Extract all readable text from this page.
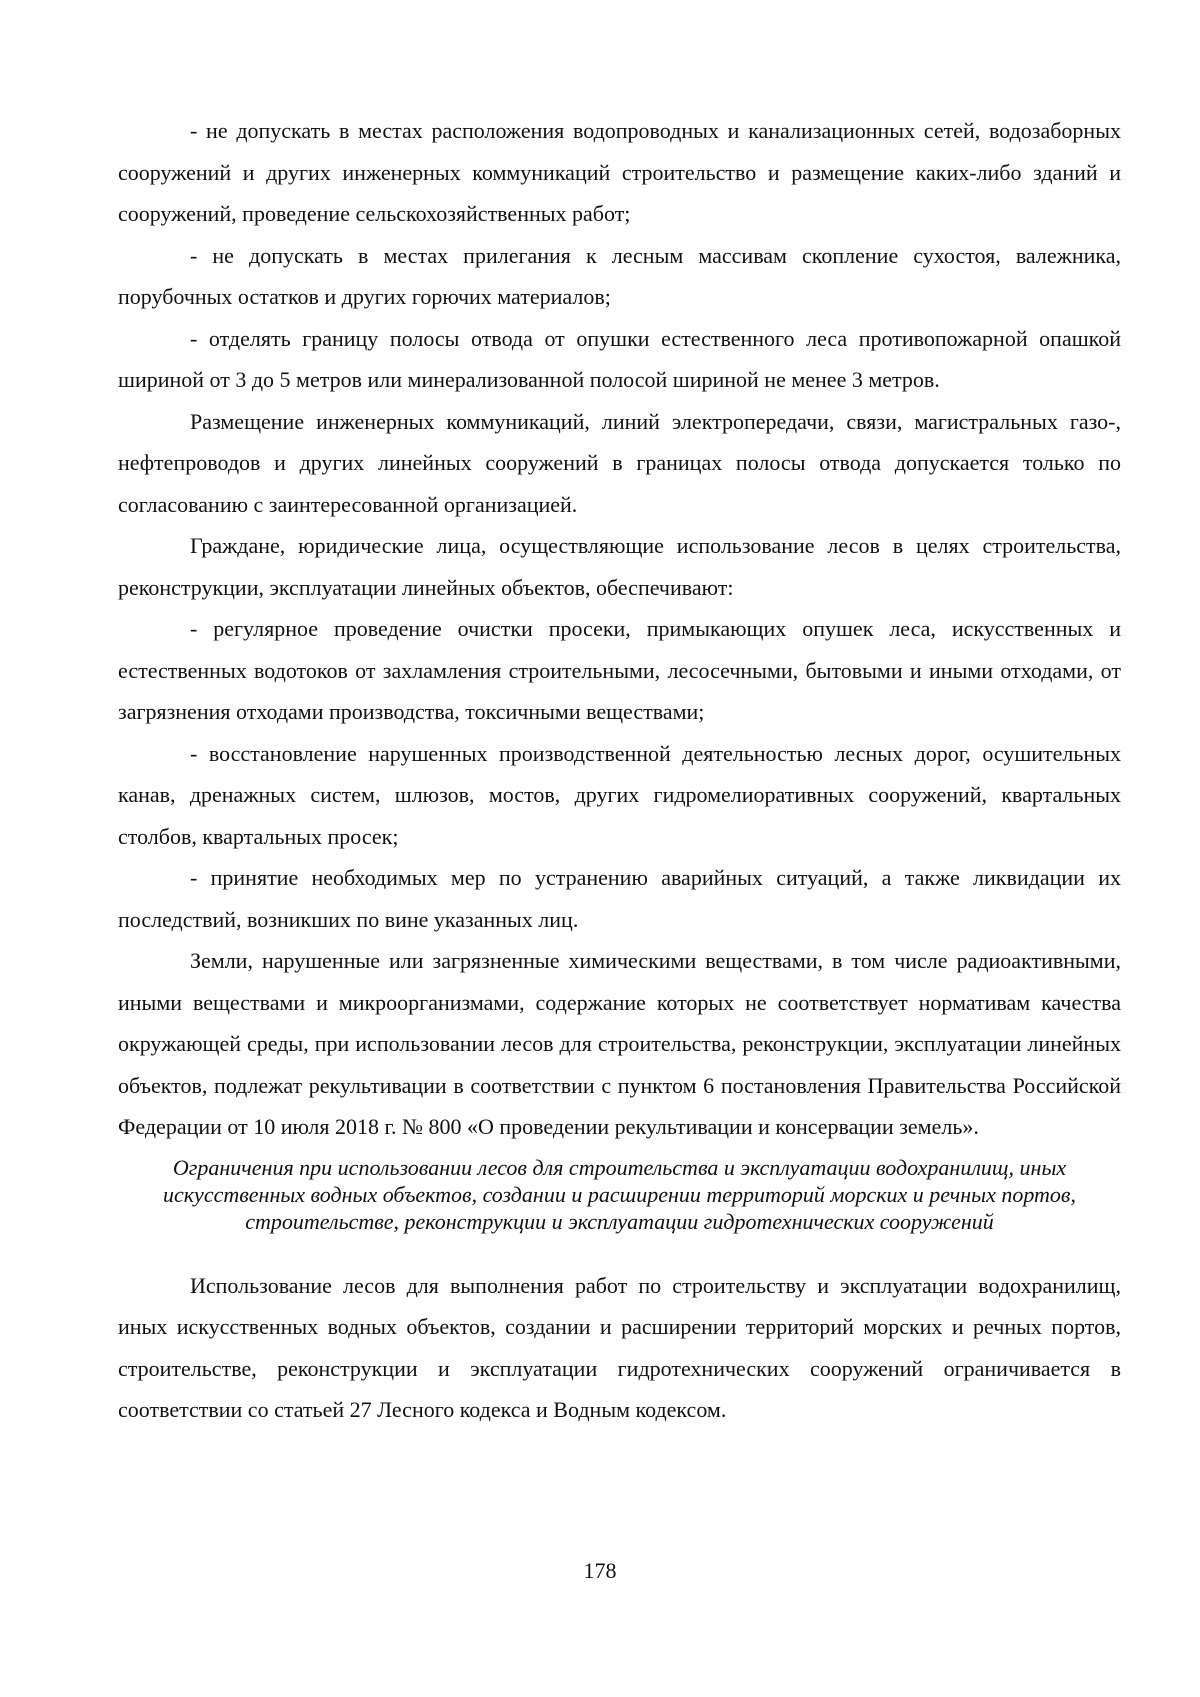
- не допускать в местах расположения водопроводных и канализационных сетей, водозаборных сооружений и других инженерных коммуникаций строительство и размещение каких-либо зданий и сооружений, проведение сельскохозяйственных работ;

- не допускать в местах прилегания к лесным массивам скопление сухостоя, валежника, порубочных остатков и других горючих материалов;

- отделять границу полосы отвода от опушки естественного леса противопожарной опашкой шириной от 3 до 5 метров или минерализованной полосой шириной не менее 3 метров.

Размещение инженерных коммуникаций, линий электропередачи, связи, магистральных газо-, нефтепроводов и других линейных сооружений в границах полосы отвода допускается только по согласованию с заинтересованной организацией.

Граждане, юридические лица, осуществляющие использование лесов в целях строительства, реконструкции, эксплуатации линейных объектов, обеспечивают:

- регулярное проведение очистки просеки, примыкающих опушек леса, искусственных и естественных водотоков от захламления строительными, лесосечными, бытовыми и иными отходами, от загрязнения отходами производства, токсичными веществами;

- восстановление нарушенных производственной деятельностью лесных дорог, осушительных канав, дренажных систем, шлюзов, мостов, других гидромелиоративных сооружений, квартальных столбов, квартальных просек;

- принятие необходимых мер по устранению аварийных ситуаций, а также ликвидации их последствий, возникших по вине указанных лиц.

Земли, нарушенные или загрязненные химическими веществами, в том числе радиоактивными, иными веществами и микроорганизмами, содержание которых не соответствует нормативам качества окружающей среды, при использовании лесов для строительства, реконструкции, эксплуатации линейных объектов, подлежат рекультивации в соответствии с пунктом 6 постановления Правительства Российской Федерации от 10 июля 2018 г. № 800 «О проведении рекультивации и консервации земель».

Ограничения при использовании лесов для строительства и эксплуатации водохранилищ, иных искусственных водных объектов, создании и расширении территорий морских и речных портов, строительстве, реконструкции и эксплуатации гидротехнических сооружений

Использование лесов для выполнения работ по строительству и эксплуатации водохранилищ, иных искусственных водных объектов, создании и расширении территорий морских и речных портов, строительстве, реконструкции и эксплуатации гидротехнических сооружений ограничивается в соответствии со статьей 27 Лесного кодекса и Водным кодексом.

178
